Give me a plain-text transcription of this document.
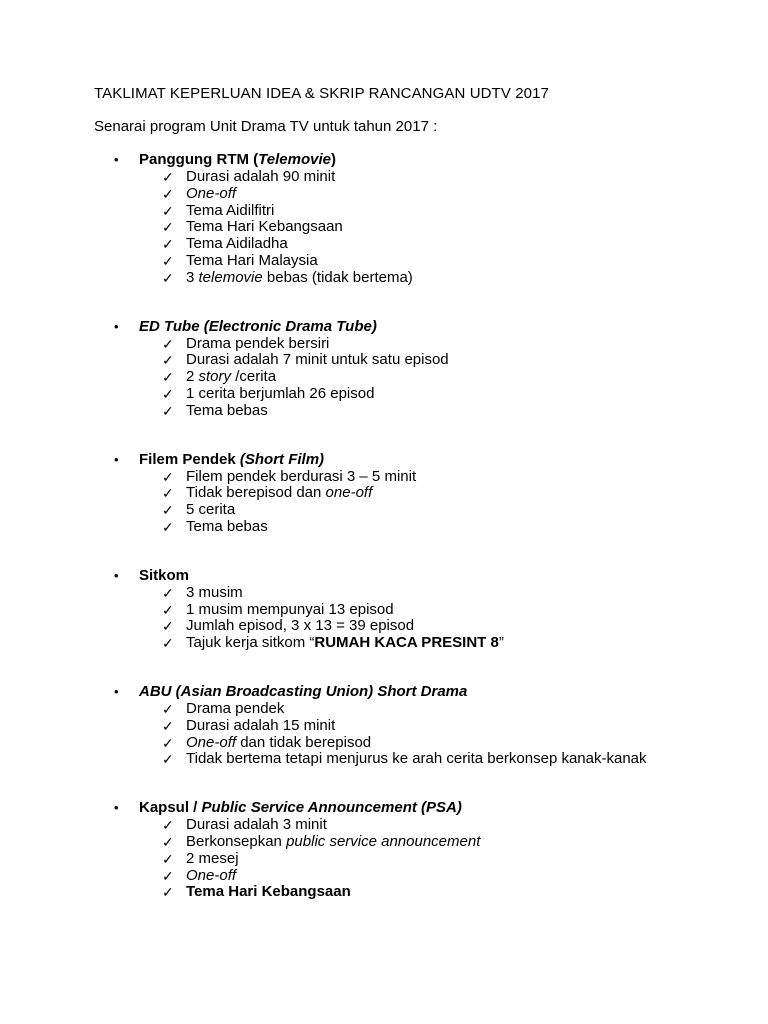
TAKLIMAT KEPERLUAN IDEA & SKRIP RANCANGAN UDTV 2017

Senarai program Unit Drama TV untuk tahun 2017 :

• Panggung RTM (Telemovie)
✓ Durasi adalah 90 minit
✓ One-off
✓ Tema Aidilfitri
✓ Tema Hari Kebangsaan
✓ Tema Aidiladha
✓ Tema Hari Malaysia
✓ 3 telemovie bebas (tidak bertema)
• ED Tube (Electronic Drama Tube)
✓ Drama pendek bersiri
✓ Durasi adalah 7 minit untuk satu episod
✓ 2 story /cerita
✓ 1 cerita berjumlah 26 episod
✓ Tema bebas
• Filem Pendek (Short Film)
✓ Filem pendek berdurasi 3 – 5 minit
✓ Tidak berepisod dan one-off
✓ 5 cerita
✓ Tema bebas
• Sitkom
✓ 3 musim
✓ 1 musim mempunyai 13 episod
✓ Jumlah episod, 3 x 13 = 39 episod
✓ Tajuk kerja sitkom “RUMAH KACA PRESINT 8”
• ABU (Asian Broadcasting Union) Short Drama
✓ Drama pendek
✓ Durasi adalah 15 minit
✓ One-off dan tidak berepisod
✓ Tidak bertema tetapi menjurus ke arah cerita berkonsep kanak-kanak
• Kapsul / Public Service Announcement (PSA)
✓ Durasi adalah 3 minit
✓ Berkonsepkan public service announcement
✓ 2 mesej
✓ One-off
✓ Tema Hari Kebangsaan
